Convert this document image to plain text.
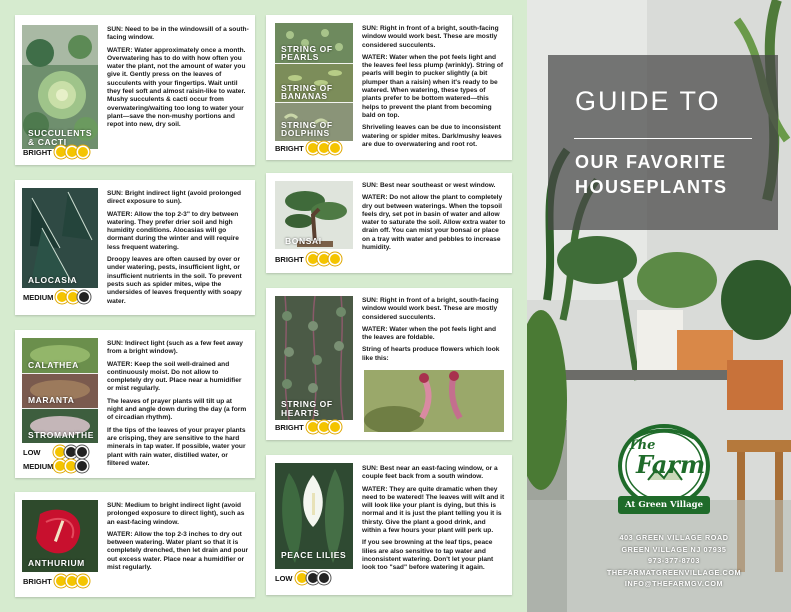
SUCCULENTS
& CACTI

SUN: Need to be in the windowsill of a south-facing window.

WATER: Water approximately once a month. Overwatering has to do with how often you water the plant, not the amount of water you give it. Gently press on the leaves of succulents with your fingertips. Wait until they feel soft and almost raisin-like to water. Mushy succulents & cacti occur from overwatering/waiting too long to water your plant—save the non-mushy portions and repot into new, dry soil.

BRIGHT
ALOCASIA

SUN: Bright indirect light (avoid prolonged direct exposure to sun).

WATER: Allow the top 2-3" to dry between watering. They prefer drier soil and high humidity conditions. Alocasias will go dormant during the winter and will require less frequent watering.

Droopy leaves are often caused by over or under watering, pests, insufficient light, or insufficient nutrients in the soil. To prevent pests such as spider mites, wipe the undersides of leaves frequently with soapy water.

MEDIUM
CALATHEA
MARANTA
STROMANTHE

SUN: Indirect light (such as a few feet away from a bright window).

WATER: Keep the soil well-drained and continuously moist. Do not allow to completely dry out. Place near a humidifier or mist regularly.

The leaves of prayer plants will tilt up at night and angle down during the day (a form of circadian rhythm).

If the tips of the leaves of your prayer plants are crisping, they are sensitive to the hard minerals in tap water. If possible, water your plant with rain water, distilled water, or filtered water.

LOW
MEDIUM
ANTHURIUM

SUN: Medium to bright indirect light (avoid prolonged exposure to direct light), such as an east-facing window.

WATER: Allow the top 2-3 inches to dry out between watering. Water plant so that it is completely drenched, then let drain and pour out excess water. Place near a humidifier or mist regularly.

BRIGHT
STRING OF
PEARLS
STRING OF
BANANAS
STRING OF
DOLPHINS

SUN: Right in front of a bright, south-facing window would work best. These are mostly considered succulents.

WATER: Water when the pot feels light and the leaves feel less plump (wrinkly). String of pearls will begin to pucker slightly (a bit plumper than a raisin) when it's ready to be watered. When watering, these types of plants prefer to be bottom watered—this helps to prevent the plant from becoming bald on top.

Shriveling leaves can be due to inconsistent watering or spider mites. Dark/mushy leaves are due to overwatering and root rot.

BRIGHT
BONSAI

SUN: Best near southeast or west window.

WATER: Do not allow the plant to completely dry out between waterings. When the topsoil feels dry, set pot in basin of water and allow water to saturate the soil. Allow extra water to drain off. You can mist your bonsai or place on a tray with water and pebbles to increase humidity.

BRIGHT
STRING OF
HEARTS

SUN: Right in front of a bright, south-facing window would work best. These are mostly considered succulents.

WATER: Water when the pot feels light and the leaves are foldable.

String of hearts produce flowers which look like this:

BRIGHT
PEACE LILIES

SUN: Best near an east-facing window, or a couple feet back from a south window.

WATER: They are quite dramatic when they need to be watered! The leaves will wilt and it will look like your plant is dying, but this is normal and it is just the plant telling you it is thirsty. Give the plant a good drink, and within a few hours your plant will perk up.

If you see browning at the leaf tips, peace lilies are also sensitive to tap water and inconsistent watering. Don't let your plant look too "sad" before watering it again.

LOW
GUIDE TO
OUR FAVORITE
HOUSEPLANTS
The
Farm
At Green Village
403 GREEN VILLAGE ROAD
GREEN VILLAGE NJ 07935
973-377-8703
THEFARMATGREENVILLAGE.COM
INFO@THEFARMGV.COM
